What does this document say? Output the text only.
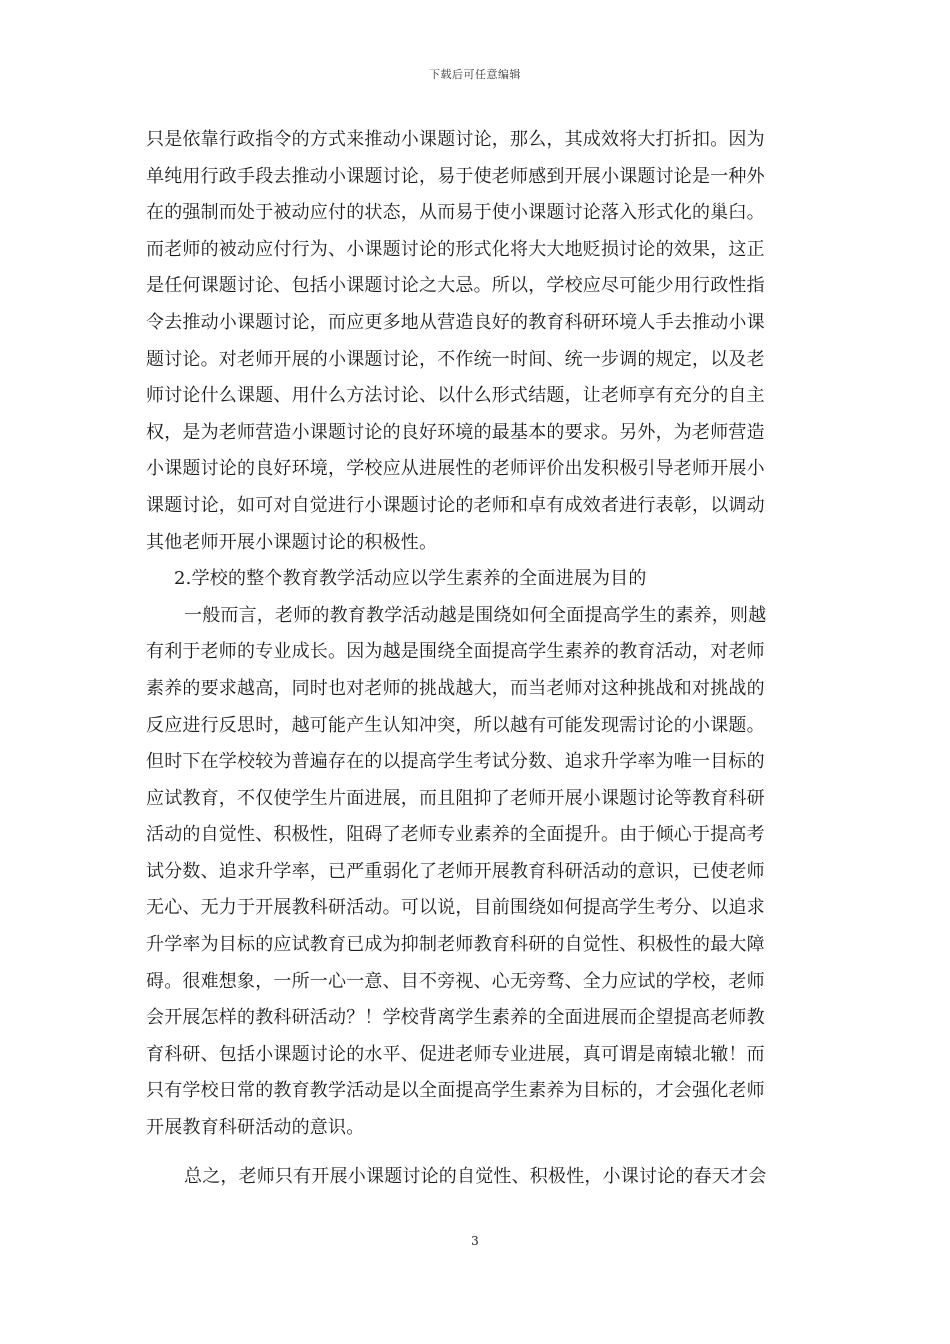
下载后可任意编辑
只是依靠行政指令的方式来推动小课题讨论，那么，其成效将大打折扣。因为
单纯用行政手段去推动小课题讨论，易于使老师感到开展小课题讨论是一种外
在的强制而处于被动应付的状态，从而易于使小课题讨论落入形式化的巢臼。
而老师的被动应付行为、小课题讨论的形式化将大大地贬损讨论的效果，这正
是任何课题讨论、包括小课题讨论之大忌。所以，学校应尽可能少用行政性指
令去推动小课题讨论，而应更多地从营造良好的教育科研环境人手去推动小课
题讨论。对老师开展的小课题讨论，不作统一时间、统一步调的规定，以及老
师讨论什么课题、用什么方法讨论、以什么形式结题，让老师享有充分的自主
权，是为老师营造小课题讨论的良好环境的最基本的要求。另外，为老师营造
小课题讨论的良好环境，学校应从进展性的老师评价出发积极引导老师开展小
课题讨论，如可对自觉进行小课题讨论的老师和卓有成效者进行表彰，以调动
其他老师开展小课题讨论的积极性。
2.学校的整个教育教学活动应以学生素养的全面进展为目的
一般而言，老师的教育教学活动越是围绕如何全面提高学生的素养，则越
有利于老师的专业成长。因为越是围绕全面提高学生素养的教育活动，对老师
素养的要求越高，同时也对老师的挑战越大，而当老师对这种挑战和对挑战的
反应进行反思时，越可能产生认知冲突，所以越有可能发现需讨论的小课题。
但时下在学校较为普遍存在的以提高学生考试分数、追求升学率为唯一目标的
应试教育，不仅使学生片面进展，而且阻抑了老师开展小课题讨论等教育科研
活动的自觉性、积极性，阻碍了老师专业素养的全面提升。由于倾心于提高考
试分数、追求升学率，已严重弱化了老师开展教育科研活动的意识，已使老师
无心、无力于开展教科研活动。可以说，目前围绕如何提高学生考分、以追求
升学率为目标的应试教育已成为抑制老师教育科研的自觉性、积极性的最大障
碍。很难想象，一所一心一意、目不旁视、心无旁骛、全力应试的学校，老师
会开展怎样的教科研活动？！学校背离学生素养的全面进展而企望提高老师教
育科研、包括小课题讨论的水平、促进老师专业进展，真可谓是南辕北辙！而
只有学校日常的教育教学活动是以全面提高学生素养为目标的，才会强化老师
开展教育科研活动的意识。
总之，老师只有开展小课题讨论的自觉性、积极性，小课讨论的春天才会
3
